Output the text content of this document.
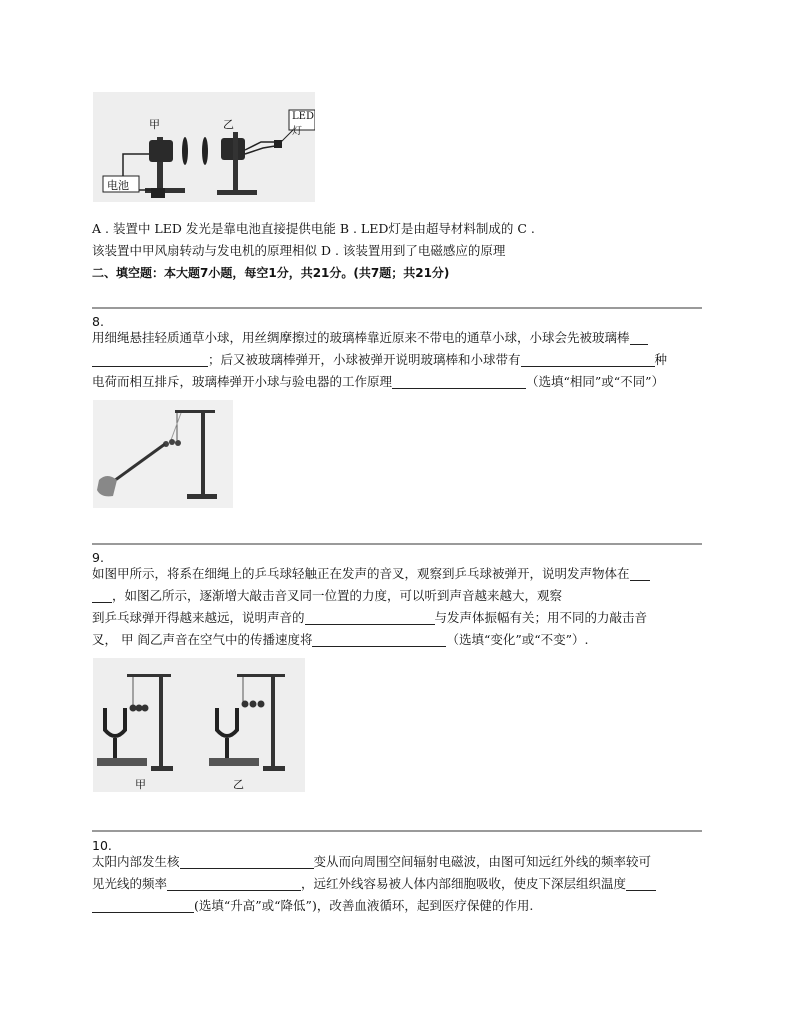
甲	乙
LED 灯
电池
A . 装置中 LED 发光是靠电池直接提供电能 B . LED灯是由超导材料制成的 C .
该装置中甲风扇转动与发电机的原理相似 D . 该装置用到了电磁感应的原理
二、填空题：本大题7小题，每空1分，共21分。(共7题；共21分)
8.
用细绳悬挂轻质通草小球，用丝绸摩擦过的玻璃棒靠近原来不带电的通草小球，小球会先被玻璃棒
；后又被玻璃棒弹开，小球被弹开说明玻璃棒和小球带有	种
电荷而相互排斥，玻璃棒弹开小球与验电器的工作原理	（选填“相同”或“不同”）
9.
如图甲所示，将系在细绳上的乒乓球轻触正在发声的音叉，观察到乒乓球被弹开，说明发声物体在
，如图乙所示，逐渐增大敲击音叉同一位置的力度，可以听到声音越来越大，观察
到乒乓球弹开得越来越远，说明声音的	与发声体振幅有关；用不同的力敲击音
叉， 甲 阎乙声音在空气中的传播速度将	（选填“变化”或“不变”）.
甲	乙
10.
太阳内部发生核	变从而向周围空间辐射电磁波，由图可知远红外线的频率较可
见光线的频率	，远红外线容易被人体内部细胞吸收，使皮下深层组织温度
(选填“升高”或“降低”)，改善血液循环，起到医疗保健的作用.
